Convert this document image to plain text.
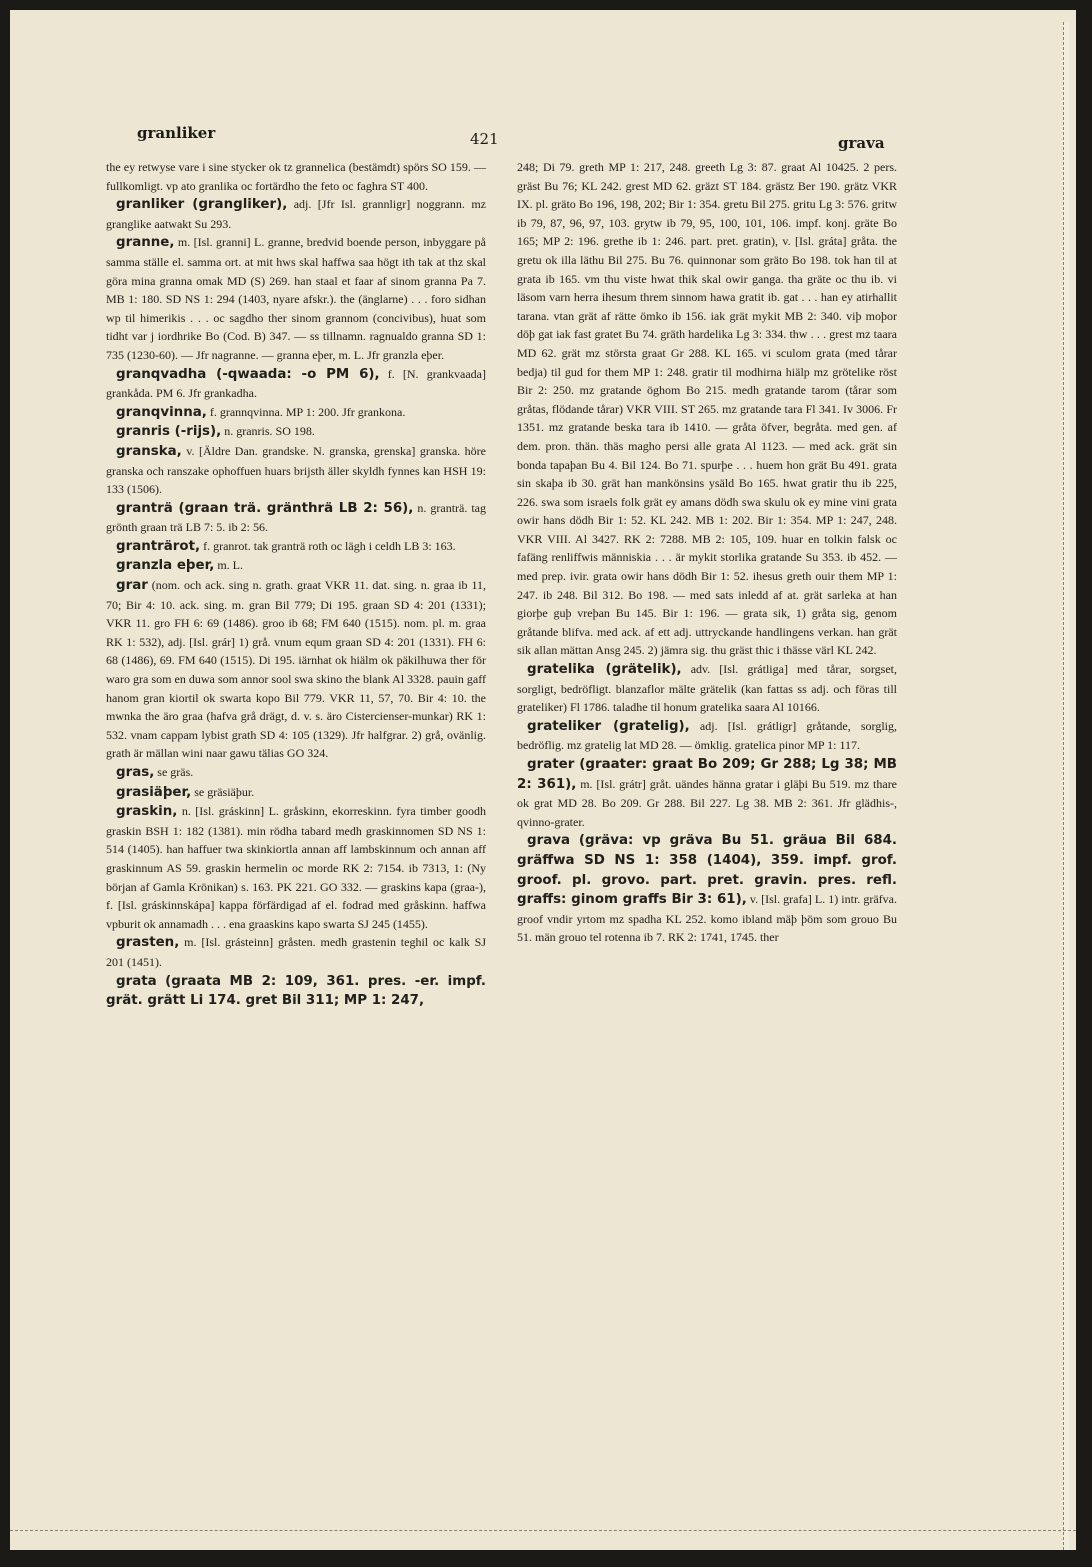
granliker	421	grava

the ey retwyse vare i sine stycker ok tz grannelica (bestämdt) spörs SO 159. — fullkomligt. vp ato granlika oc fortärdho the feto oc faghra ST 400.

granliker (grangliker), adj. [Jfr Isl. grannligr] noggrann. mz granglike aatwakt Su 293.

granne, m. [Isl. granni] L. granne, bredvid boende person, inbyggare på samma ställe el. samma ort. at mit hws skal haffwa saa högt ith tak at thz skal göra mina granna omak MD (S) 269. han staal et faar af sinom granna Pa 7. MB 1: 180. SD NS 1: 294 (1403, nyare afskr.). the (änglarne) . . . foro sidhan wp til himerikis . . . oc sagdho ther sinom grannom (concivibus), huat som tidht var j iordhrike Bo (Cod. B) 347. — ss tillnamn. ragnualdo granna SD 1: 735 (1230-60). — Jfr nagranne. — granna eþer, m. L. Jfr granzla eþer.

granqvadha (-qwaada: -o PM 6), f. [N. grankvaada] grankåda. PM 6. Jfr grankadha.

granqvinna, f. grannqvinna. MP 1: 200. Jfr grankona.

granris (-rijs), n. granris. SO 198.

granska, v. [Äldre Dan. grandske. N. granska, grenska] granska. höre granska och ranszake ophoffuen huars brijsth äller skyldh fynnes kan HSH 19: 133 (1506).

granträ (graan trä. gränthrä LB 2: 56), n. granträ. tag grönth graan trä LB 7: 5. ib 2: 56.

granträrot, f. granrot. tak granträ roth oc lägh i celdh LB 3: 163.

granzla eþer, m. L.

grar (nom. och ack. sing n. grath. graat VKR 11. dat. sing. n. graa ib 11, 70; Bir 4: 10. ack. sing. m. gran Bil 779; Di 195. graan SD 4: 201 (1331); VKR 11. gro FH 6: 69 (1486). groo ib 68; FM 640 (1515). nom. pl. m. graa RK 1: 532), adj. [Isl. grár] 1) grå. vnum equm graan SD 4: 201 (1331). FH 6: 68 (1486), 69. FM 640 (1515). Di 195. iärnhat ok hiälm ok päkilhuwa ther för waro gra som en duwa som annor sool swa skino the blank Al 3328. pauin gaff hanom gran kiortil ok swarta kopo Bil 779. VKR 11, 57, 70. Bir 4: 10. the mwnka the äro graa (hafva grå drägt, d. v. s. äro Cistercienser-munkar) RK 1: 532. vnam cappam lybist grath SD 4: 105 (1329). Jfr halfgrar. 2) grå, ovänlig. grath är mällan wini naar gawu tälias GO 324.

gras, se gräs.

grasiäþer, se gräsiäþur.

graskin, n. [Isl. gráskinn] L. gråskinn, ekorreskinn. fyra timber goodh graskin BSH 1: 182 (1381). min rödha tabard medh graskinnomen SD NS 1: 514 (1405). han haffuer twa skinkiortla annan aff lambskinnum och annan aff graskinnum AS 59. graskin hermelin oc morde RK 2: 7154. ib 7313, 1: (Ny början af Gamla Krönikan) s. 163. PK 221. GO 332. — graskins kapa (graa-), f. [Isl. gráskinnskápa] kappa förfärdigad af el. fodrad med gråskinn. haffwa vpburit ok annamadh . . . ena graaskins kapo swarta SJ 245 (1455).

grasten, m. [Isl. grásteinn] gråsten. medh grastenin teghil oc kalk SJ 201 (1451).

grata (graata MB 2: 109, 361. pres. -er. impf. grät. grätt Li 174. gret Bil 311; MP 1: 247,

248; Di 79. greth MP 1: 217, 248. greeth Lg 3: 87. graat Al 10425. 2 pers. gräst Bu 76; KL 242. grest MD 62. gräzt ST 184. grästz Ber 190. grätz VKR IX. pl. gräto Bo 196, 198, 202; Bir 1: 354. gretu Bil 275. gritu Lg 3: 576. gritw ib 79, 87, 96, 97, 103. grytw ib 79, 95, 100, 101, 106. impf. konj. gräte Bo 165; MP 2: 196. grethe ib 1: 246. part. pret. gratin), v. [Isl. gráta] gråta. the gretu ok illa läthu Bil 275. Bu 76. quinnonar som gräto Bo 198. tok han til at grata ib 165. vm thu viste hwat thik skal owir ganga. tha gräte oc thu ib. vi läsom varn herra ihesum threm sinnom hawa gratit ib. gat . . . han ey atirhallit tarana. vtan grät af rätte ömko ib 156. iak grät mykit MB 2: 340. viþ moþor döþ gat iak fast gratet Bu 74. gräth hardelika Lg 3: 334. thw . . . grest mz taara MD 62. grät mz största graat Gr 288. KL 165. vi sculom grata (med tårar bedja) til gud for them MP 1: 248. gratir til modhirna hiälp mz grötelike röst Bir 2: 250. mz gratande öghom Bo 215. medh gratande tarom (tårar som gråtas, flödande tårar) VKR VIII. ST 265. mz gratande tara Fl 341. Iv 3006. Fr 1351. mz gratande beska tara ib 1410. — gråta öfver, begråta. med gen. af dem. pron. thän. thäs magho persi alle grata Al 1123. — med ack. grät sin bonda tapaþan Bu 4. Bil 124. Bo 71. spurþe . . . huem hon grät Bu 491. grata sin skaþa ib 30. grät han mankönsins ysäld Bo 165. hwat gratir thu ib 225, 226. swa som israels folk grät ey amans dödh swa skulu ok ey mine vini grata owir hans dödh Bir 1: 52. KL 242. MB 1: 202. Bir 1: 354. MP 1: 247, 248. VKR VIII. Al 3427. RK 2: 7288. MB 2: 105, 109. huar en tolkin falsk oc fafäng renliffwis människia . . . är mykit storlika gratande Su 353. ib 452. — med prep. ivir. grata owir hans dödh Bir 1: 52. ihesus greth ouir them MP 1: 247. ib 248. Bil 312. Bo 198. — med sats inledd af at. grät sarleka at han giorþe guþ vreþan Bu 145. Bir 1: 196. — grata sik, 1) gråta sig, genom gråtande blifva. med ack. af ett adj. uttryckande handlingens verkan. han grät sik allan mättan Ansg 245. 2) jämra sig. thu gräst thic i thässe värl KL 242.

gratelika (grätelik), adv. [Isl. grátliga] med tårar, sorgset, sorgligt, bedröfligt. blanzaflor mälte grätelik (kan fattas ss adj. och föras till grateliker) Fl 1786. taladhe til honum gratelika saara Al 10166.

grateliker (gratelig), adj. [Isl. grátligr] gråtande, sorglig, bedröflig. mz gratelig lat MD 28. — ömklig. gratelica pinor MP 1: 117.

grater (graater: graat Bo 209; Gr 288; Lg 38; MB 2: 361), m. [Isl. grátr] gråt. uändes hänna gratar i gläþi Bu 519. mz thare ok grat MD 28. Bo 209. Gr 288. Bil 227. Lg 38. MB 2: 361. Jfr glädhis-, qvinno-grater.

grava (gräva: vp gräva Bu 51. gräua Bil 684. gräffwa SD NS 1: 358 (1404), 359. impf. grof. groof. pl. grovo. part. pret. gravin. pres. refl. graffs: ginom graffs Bir 3: 61), v. [Isl. grafa] L. 1) intr. gräfva. groof vndir yrtom mz spadha KL 252. komo ibland mäþ þöm som grouo Bu 51. män grouo tel rotenna ib 7. RK 2: 1741, 1745. ther
